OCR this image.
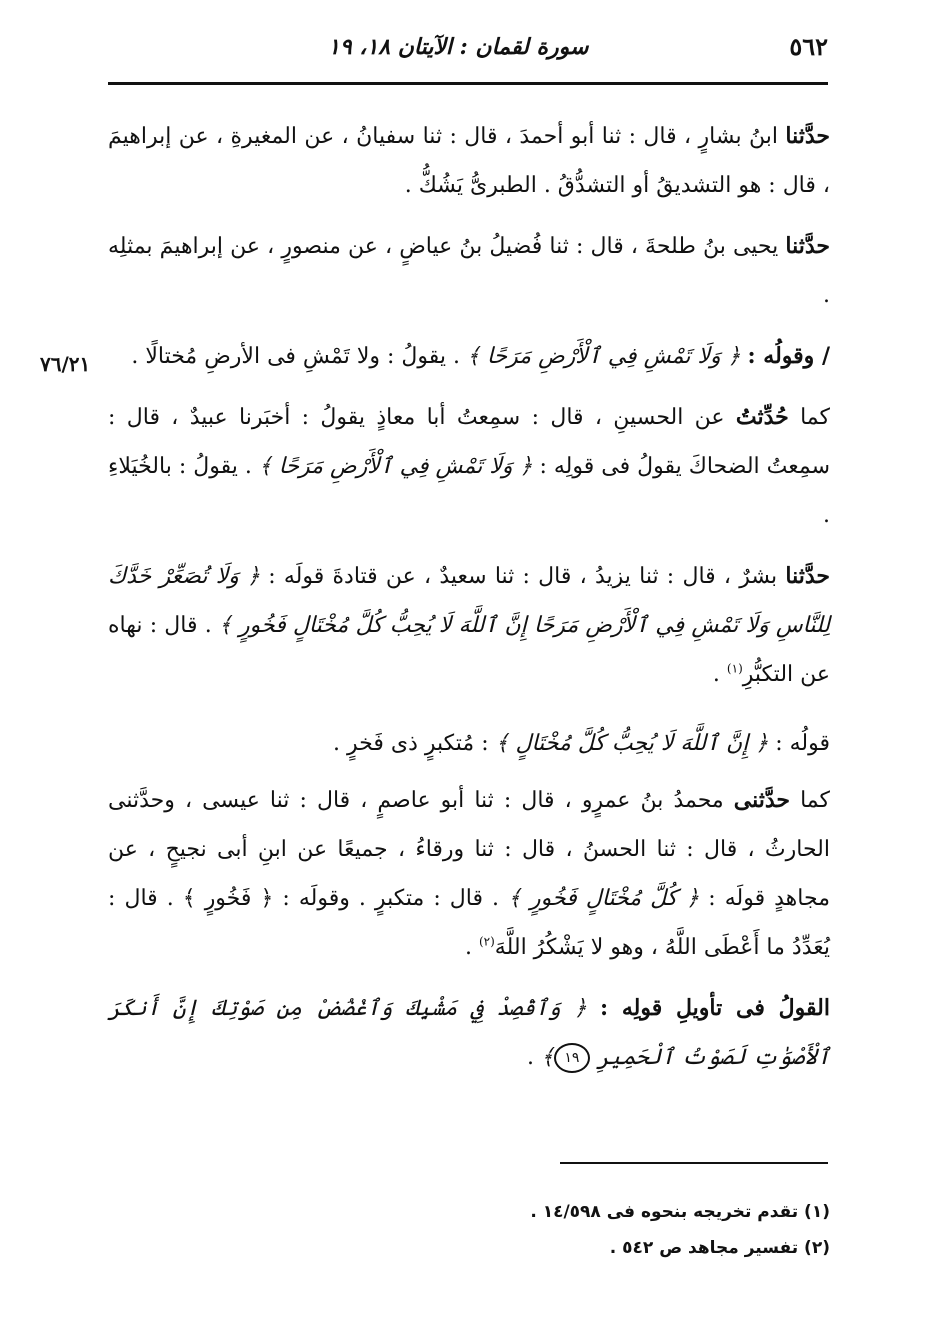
٥٦٢
سورة لقمان : الآيتان ١٨، ١٩
٧٦/٢١

حدَّثنا ابنُ بشارٍ ، قال : ثنا أبو أحمدَ ، قال : ثنا سفيانُ ، عن المغيرةِ ، عن إبراهيمَ ، قال : هو التشديقُ أو التشدُّقُ . الطبرىُّ يَشُكُّ .

حدَّثنا يحيى بنُ طلحةَ ، قال : ثنا فُضيلُ بنُ عياضٍ ، عن منصورٍ ، عن إبراهيمَ بمثلِه .

/ وقولُه : ﴿ وَلَا تَمْشِ فِي ٱلْأَرْضِ مَرَحًا ﴾ . يقولُ : ولا تَمْشِ فى الأرضِ مُختالًا .

كما حُدِّثتُ عن الحسينِ ، قال : سمِعتُ أبا معاذٍ يقولُ : أخبَرنا عبيدٌ ، قال : سمِعتُ الضحاكَ يقولُ فى قولِه : ﴿ وَلَا تَمْشِ فِي ٱلْأَرْضِ مَرَحًا ﴾ . يقولُ : بالخُيَلاءِ .

حدَّثنا بشرٌ ، قال : ثنا يزيدُ ، قال : ثنا سعيدٌ ، عن قتادةَ قولَه : ﴿ وَلَا تُصَعِّرْ خَدَّكَ لِلنَّاسِ وَلَا تَمْشِ فِي ٱلْأَرْضِ مَرَحًا إِنَّ ٱللَّهَ لَا يُحِبُّ كُلَّ مُخْتَالٍ فَخُورٍ ﴾ . قال : نهاه عن التكبُّرِ$^{(١)}$ .

قولُه : ﴿ إِنَّ ٱللَّهَ لَا يُحِبُّ كُلَّ مُخْتَالٍ ﴾ : مُتكبرٍ ذى فَخرٍ .

كما حدَّثنى محمدُ بنُ عمرٍو ، قال : ثنا أبو عاصمٍ ، قال : ثنا عيسى ، وحدَّثنى الحارثُ ، قال : ثنا الحسنُ ، قال : ثنا ورقاءُ ، جميعًا عن ابنِ أبى نجيحٍ ، عن مجاهدٍ قولَه : ﴿ كُلَّ مُخْتَالٍ فَخُورٍ ﴾ . قال : متكبرٍ . وقولَه : ﴿ فَخُورٍ ﴾ . قال : يُعَدِّدُ ما أَعْطَى اللَّهُ ، وهو لا يَشْكُرُ اللَّهَ$^{(٢)}$ .

القولُ فى تأويلِ قولِه : ﴿ وَٱقْصِدْ فِي مَشْيِكَ وَٱغْضُضْ مِن صَوْتِكَ إِنَّ أَنكَرَ ٱلْأَصْوَٰتِ لَصَوْتُ ٱلْحَمِيرِ ١٩﴾ .

(١) تقدم تخريجه بنحوه فى ١٤/٥٩٨ .

(٢) تفسير مجاهد ص ٥٤٢ .
